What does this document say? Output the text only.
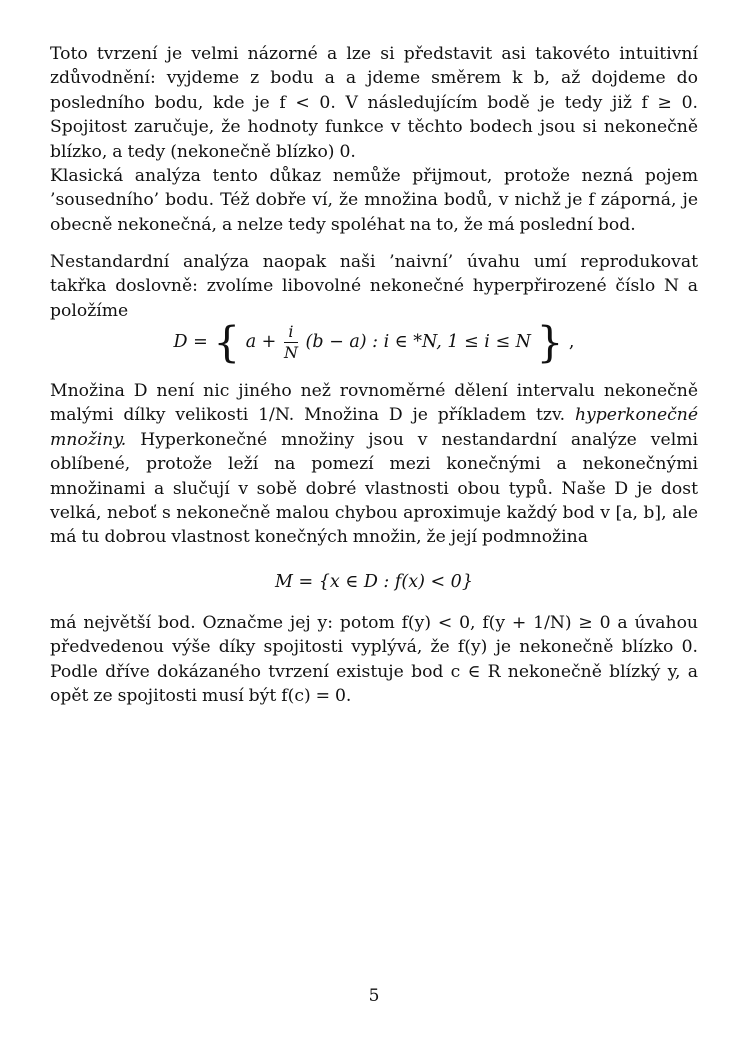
Toto tvrzení je velmi názorné a lze si představit asi takovéto intuitivní zdůvodnění: vyjdeme z bodu a a jdeme směrem k b, až dojdeme do posledního bodu, kde je f < 0. V následujícím bodě je tedy již f ≥ 0. Spojitost zaručuje, že hodnoty funkce v těchto bodech jsou si nekonečně blízko, a tedy (nekonečně blízko) 0.

Klasická analýza tento důkaz nemůže přijmout, protože nezná pojem ’sousedního’ bodu. Též dobře ví, že množina bodů, v nichž je f záporná, je obecně nekonečná, a nelze tedy spoléhat na to, že má poslední bod.

Nestandardní analýza naopak naši ’naivní’ úvahu umí reprodukovat takřka doslovně: zvolíme libovolné nekonečné hyperpřirozené číslo N a položíme

D = { $a + \frac{i}{N} (b - a)$ : i ∈ *N, 1 ≤ i ≤ N } ,

Množina D není nic jiného než rovnoměrné dělení intervalu nekonečně malými dílky velikosti 1/N. Množina D je příkladem tzv. hyperkonečné množiny. Hyperkonečné množiny jsou v nestandardní analýze velmi oblíbené, protože leží na pomezí mezi konečnými a nekonečnými množinami a slučují v sobě dobré vlastnosti obou typů. Naše D je dost velká, neboť s nekonečně malou chybou aproximuje každý bod v [a, b], ale má tu dobrou vlastnost konečných množin, že její podmnožina

M = {x ∈ D : f(x) < 0}

má největší bod. Označme jej y: potom f(y) < 0, f(y + 1/N) ≥ 0 a úvahou předvedenou výše díky spojitosti vyplývá, že f(y) je nekonečně blízko 0. Podle dříve dokázaného tvrzení existuje bod c ∈ R nekonečně blízký y, a opět ze spojitosti musí být f(c) = 0.

5
